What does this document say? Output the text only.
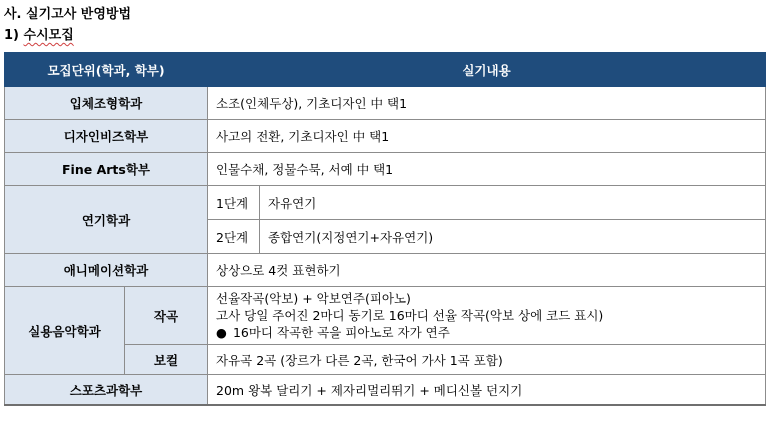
사. 실기고사 반영방법
1) 수시모집
모집단위(학과, 학부)		실기내용	
입체조형학과		소조(인체두상), 기초디자인 中 택1	
디자인비즈학부		사고의 전환, 기초디자인 中 택1	
Fine Arts학부		인물수채, 정물수묵, 서예 中 택1	
연기학과		1단계	자유연기
		2단계	종합연기(지정연기+자유연기)
애니메이션학과		상상으로 4컷 표현하기	
실용음악학과	작곡	선율작곡(악보) + 악보연주(피아노)
고사 당일 주어진 2마디 동기로 16마디 선율 작곡(악보 상에 코드 표시)
● 16마디 작곡한 곡을 피아노로 자가 연주	

	보컬	자유곡 2곡 (장르가 다른 2곡, 한국어 가사 1곡 포함)	
스포츠과학부		20m 왕복 달리기 + 제자리멀리뛰기 + 메디신볼 던지기	
